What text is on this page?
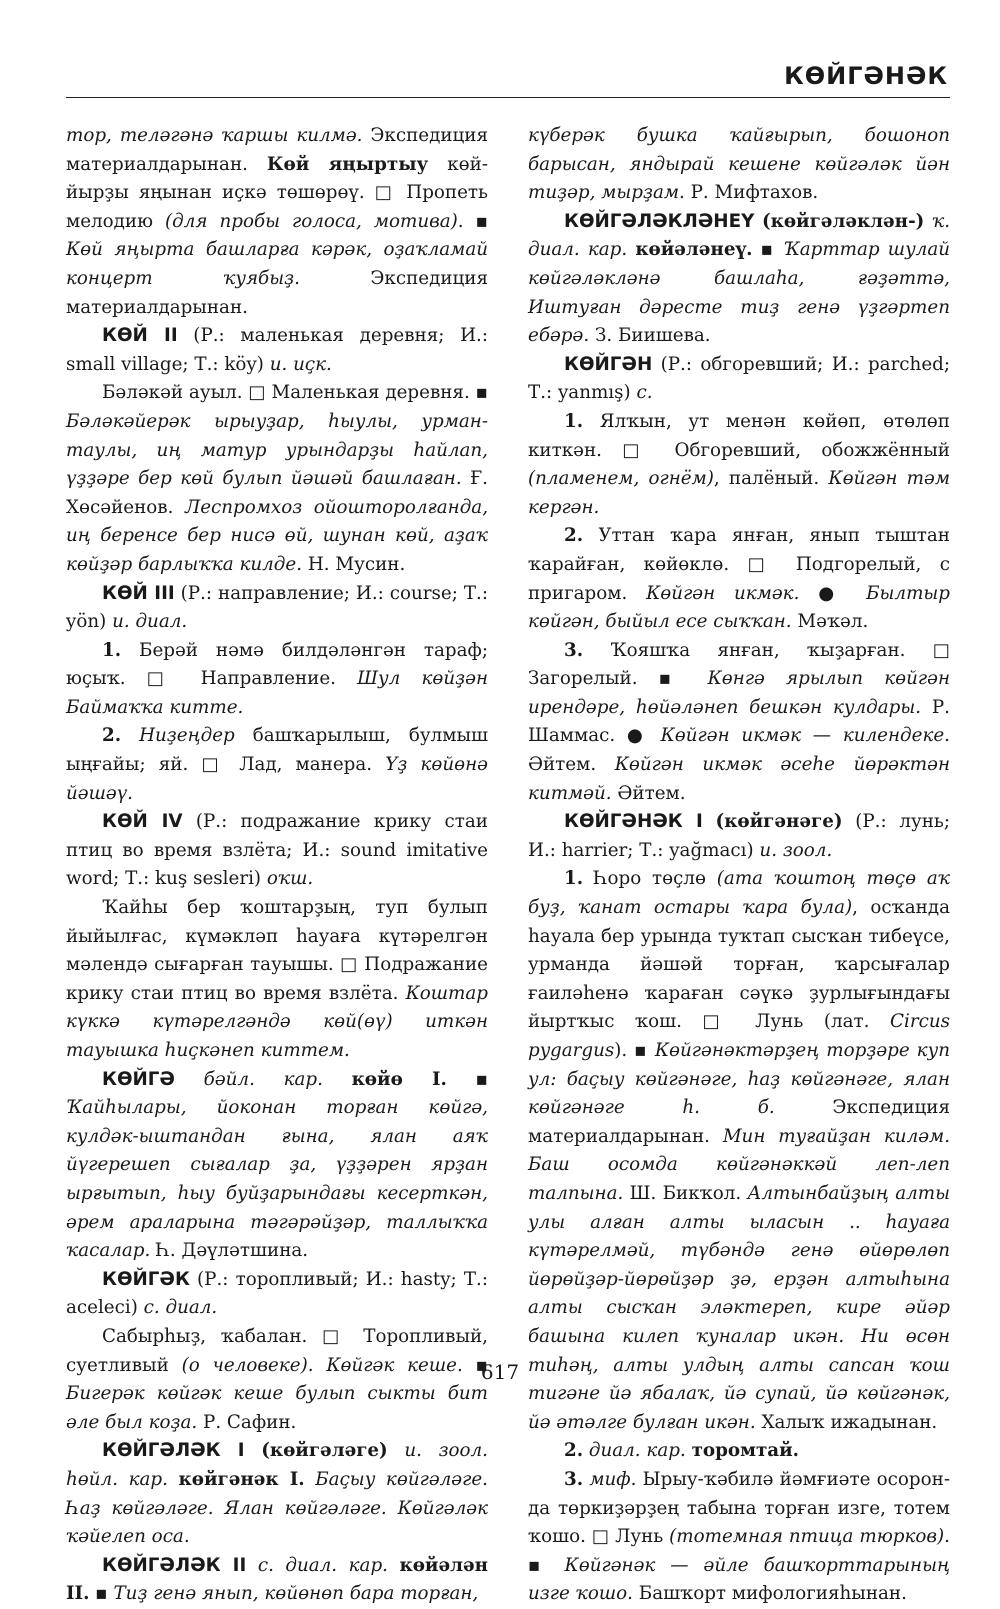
КӨЙГӘНӘК

тор, теләгәнә ҡаршы килмә. Экспедиция материалдарынан. Көй яңыртыу көй-йырҙы яңынан иҫкә төшөрөү. □ Пропеть мелодию (для пробы голоса, мотива). ▪ Көй яңырта башларға кәрәк, оҙаҡламай концерт ҡуябыҙ. Экспедиция материалдарынан.

КӨЙ II (Р.: маленькая деревня; И.: small village; Т.: köy) и. иҫк.

Бәләкәй ауыл. □ Маленькая деревня. ▪ Бәләкәйерәк ырыуҙар, һыулы, урман-таулы, иң матур урындарҙы һайлап, үҙҙәре бер көй булып йәшәй башлаған. Ғ. Хөсәйенов. Леспромхоз ойошторолғанда, иң беренсе бер нисә өй, шунан көй, аҙаҡ көйҙәр барлыҡҡа килде. Н. Мусин.

КӨЙ III (Р.: направление; И.: course; Т.: yön) и. диал.

1. Берәй нәмә билдәләнгән тараф; юҫыҡ. □ Направление. Шул көйҙән Баймаҡҡа киттe.

2. Ниҙеңдер башҡарылыш, булмыш ыңғайы; яй. □ Лад, манера. Үҙ көйөнә йәшәү.

КӨЙ IV (Р.: подражание крику стаи птиц во время взлёта; И.: sound imitative word; Т.: kuş sesleri) оҡш.

Ҡайһы бер ҡоштарҙың, туп булып йыйылғас, күмәкләп һауаға күтәрелгән мәлендә сығарған тауышы. □ Подражание крику стаи птиц во время взлёта. Коштар күккә күтәрелгәндә көй(өү) иткән тауышка һиҫкәнеп киттем.

КӨЙГӘ бәйл. кар. көйө I. ▪ Ҡайһылары, йоконан торған көйгә, кулдәк-ыштандан ғына, ялан аяҡ йүгерешеп сығалар ҙа, үҙҙәрен ярҙан ырғытып, һыу буйҙарындағы кесерткән, әрем араларына тәгәрәйҙәр, таллыҡҡа ҡасалар. Һ. Дәүләтшина.

КӨЙГӘК (Р.: торопливый; И.: hasty; Т.: aceleci) с. диал.

Сабырһыҙ, ҡабалан. □ Торопливый, суетливый (о человеке). Көйгәк кеше. ▪ Бигерәк көйгәк кеше булып сыкты бит әле был коҙа. Р. Сафин.

КӨЙГӘЛӘК I (көйгәләге) и. зоол. һөйл. кар. көйгәнәк I. Баҫыу көйгәләге. Һаҙ көйгәләге. Ялан көйгәләге. Көйгәләк ҡәйелеп оса.

КӨЙГӘЛӘК II с. диал. кар. көйәлән II. ▪ Тиҙ генә янып, көйөнөп бара торған,

күберәк бушка ҡайғырып, бошоноп барысан, яндырай кешене көйгәләк йән тиҙәр, мырҙам. Р. Мифтахов.

КӨЙГӘЛӘКЛӘНЕҮ (көйгәләклән-) ҡ. диал. кар. көйәләнеү. ▪ Ҡарттар шулай көйгәләкләнә башлаһа, ғәҙәттә, Иштуған дәресте тиҙ генә үҙгәртеп ебәрә. З. Биишева.

КӨЙГӘН (Р.: обгоревший; И.: parched; Т.: yanmış) с.

1. Ялҡын, ут менән көйөп, өтөлөп киткән. □ Обгоревший, обожжённый (пламенем, огнём), палёный. Көйгән тәм кергән.

2. Уттан ҡара янған, янып тыштан ҡарайған, көйөклө. □ Подгорелый, с пригаром. Көйгән икмәк. ● Былтыр көйгән, быйыл есе сыҡҡан. Мәҡәл.

3. Ҡояшҡа янған, ҡыҙарған. □ Загорелый. ▪ Көнгә ярылып көйгән ирендәре, һөйәләнеп бешкән кулдары. Р. Шаммас. ● Көйгән икмәк — килендеке. Әйтем. Көйгән икмәк әсеһе йөрәктән китмәй. Әйтем.

КӨЙГӘНӘК I (көйгәнәге) (Р.: лунь; И.: harrier; Т.: yağmacı) и. зоол.

1. Һоро төҫлө (ата ҡоштоң төҫө аҡ буҙ, ҡанат остары ҡара була), осҡанда һауала бер урында туҡтап сысҡан тибеүсе, урманда йәшәй торған, ҡарсығалар ғаиләһенә ҡараған сәүкә ҙурлығындағы йыртҡыс ҡош. □ Лунь (лат. Circus pygargus). ▪ Көйгәнәктәрҙең торҙәре куп ул: баҫыу көйгәнәге, һаҙ көйгәнәге, ялан көйгәнәге һ. б. Экспедиция материалдарынан. Мин туғайҙан киләм. Баш осомда көйгәнәккәй леп-леп талпына. Ш. Бикҡол. Алтынбайҙың алты улы алған алты ыласын .. һауаға күтәрелмәй, түбәндә генә өйөрөлөп йөрөйҙәр-йөрөйҙәр ҙә, ерҙән алтыһына алты сысҡан эләктереп, кире әйәр башына килеп ҡуналар икән. Ни өсөн тиһәң, алты улдың алты сапсан ҡош тигәне йә ябалаҡ, йә супай, йә көйгәнәк, йә әтәлге булған икән. Халыҡ ижадынан.

2. диал. кар. торомтай.

3. миф. Ырыу-ҡәбилә йәмғиәте осоронда төркиҙәрҙең табына торған изге, тотем ҡошо. □ Лунь (тотемная птица тюрков). ▪ Көйгәнәк — әйле башҡорттарының изге ҡошо. Башҡорт мифологияһынан.

617
